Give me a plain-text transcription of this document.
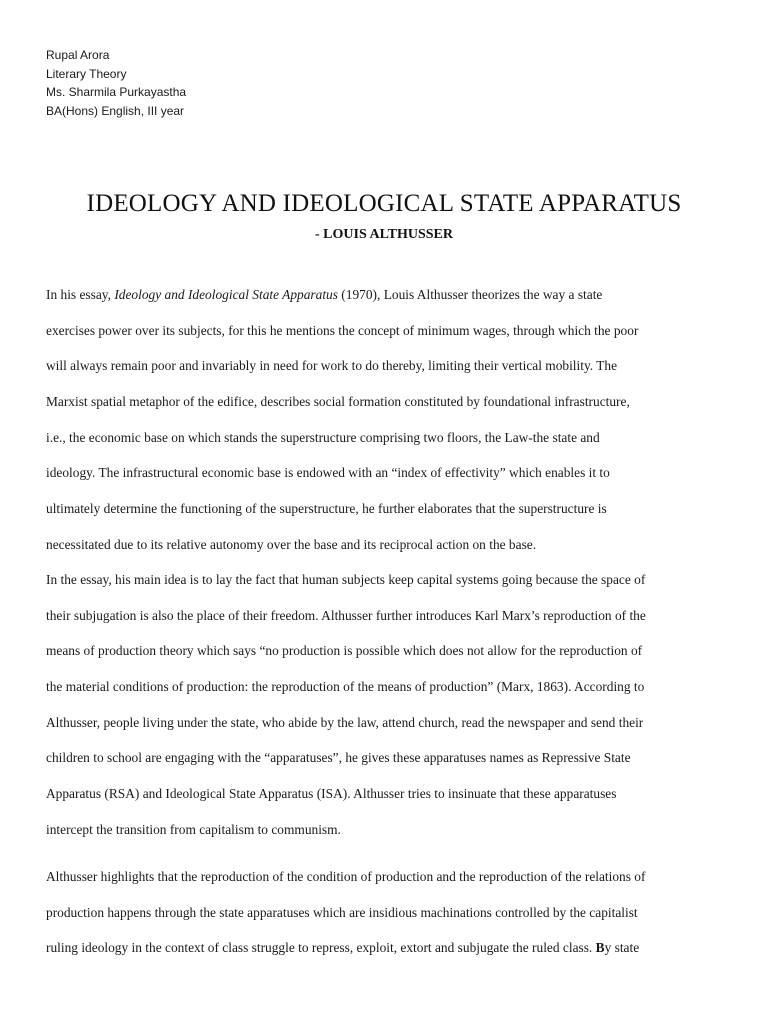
Rupal Arora
Literary Theory
Ms. Sharmila Purkayastha
BA(Hons) English, III year
IDEOLOGY AND IDEOLOGICAL STATE APPARATUS
- LOUIS ALTHUSSER
In his essay, Ideology and Ideological State Apparatus (1970), Louis Althusser theorizes the way a state
exercises power over its subjects, for this he mentions the concept of minimum wages, through which the poor
will always remain poor and invariably in need for work to do thereby, limiting their vertical mobility. The
Marxist spatial metaphor of the edifice, describes social formation constituted by foundational infrastructure,
i.e., the economic base on which stands the superstructure comprising two floors, the Law-the state and
ideology. The infrastructural economic base is endowed with an “index of effectivity” which enables it to
ultimately determine the functioning of the superstructure, he further elaborates that the superstructure is
necessitated due to its relative autonomy over the base and its reciprocal action on the base.
In the essay, his main idea is to lay the fact that human subjects keep capital systems going because the space of
their subjugation is also the place of their freedom. Althusser further introduces Karl Marx’s reproduction of the
means of production theory which says “no production is possible which does not allow for the reproduction of
the material conditions of production: the reproduction of the means of production” (Marx, 1863). According to
Althusser, people living under the state, who abide by the law, attend church, read the newspaper and send their
children to school are engaging with the “apparatuses”, he gives these apparatuses names as Repressive State
Apparatus (RSA) and Ideological State Apparatus (ISA). Althusser tries to insinuate that these apparatuses
intercept the transition from capitalism to communism.
Althusser highlights that the reproduction of the condition of production and the reproduction of the relations of
production happens through the state apparatuses which are insidious machinations controlled by the capitalist
ruling ideology in the context of class struggle to repress, exploit, extort and subjugate the ruled class. By state
